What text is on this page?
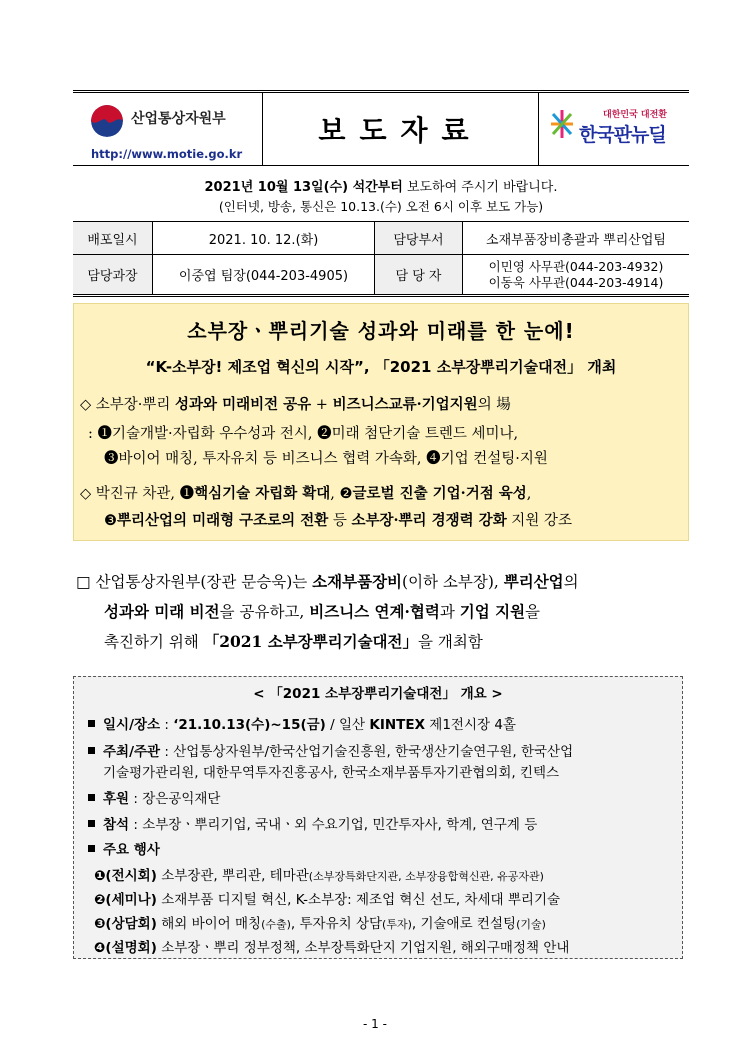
산업통상자원부
http://www.motie.go.kr
보도자료	대한민국 대전환
한국판뉴딜
2021년 10월 13일(수) 석간부터 보도하여 주시기 바랍니다.
(인터넷, 방송, 통신은 10.13.(수) 오전 6시 이후 보도 가능)
배포일시	2021. 10. 12.(화)	담당부서	소재부품장비총괄과 뿌리산업팀
담당과장	이중엽 팀장(044-203-4905)	담 당 자
이민영 사무관(044-203-4932)
이동욱 사무관(044-203-4914)
소부장ㆍ뿌리기술 성과와 미래를 한 눈에!
“K-소부장! 제조업 혁신의 시작”, 「2021 소부장뿌리기술대전」 개최
◇ 소부장·뿌리 성과와 미래비전 공유 + 비즈니스교류·기업지원의 場
: ❶기술개발·자립화 우수성과 전시, ❷미래 첨단기술 트렌드 세미나,
❸바이어 매칭, 투자유치 등 비즈니스 협력 가속화, ❹기업 컨설팅·지원
◇ 박진규 차관, ❶핵심기술 자립화 확대, ❷글로벌 진출 기업·거점 육성,
❸뿌리산업의 미래형 구조로의 전환 등 소부장·뿌리 경쟁력 강화 지원 강조
□ 산업통상자원부(장관 문승욱)는 소재부품장비(이하 소부장), 뿌리산업의
성과와 미래 비전을 공유하고, 비즈니스 연계·협력과 기업 지원을
촉진하기 위해 「2021 소부장뿌리기술대전」을 개최함
< 「2021 소부장뿌리기술대전」 개요 >
일시/장소 : ‘21.10.13(수)~15(금) / 일산 KINTEX 제1전시장 4홀
주최/주관 : 산업통상자원부/한국산업기술진흥원, 한국생산기술연구원, 한국산업
기술평가관리원, 대한무역투자진흥공사, 한국소재부품투자기관협의회, 킨텍스
후원 : 장은공익재단
참석 : 소부장ㆍ뿌리기업, 국내ㆍ외 수요기업, 민간투자사, 학계, 연구계 등
주요 행사
❶(전시회) 소부장관, 뿌리관, 테마관(소부장특화단지관, 소부장융합혁신관, 유공자관)
❷(세미나) 소재부품 디지털 혁신, K-소부장: 제조업 혁신 선도, 차세대 뿌리기술
❸(상담회) 해외 바이어 매칭(수출), 투자유치 상담(투자), 기술애로 컨설팅(기술)
❹(설명회) 소부장ㆍ뿌리 정부정책, 소부장특화단지 기업지원, 해외구매정책 안내
- 1 -
